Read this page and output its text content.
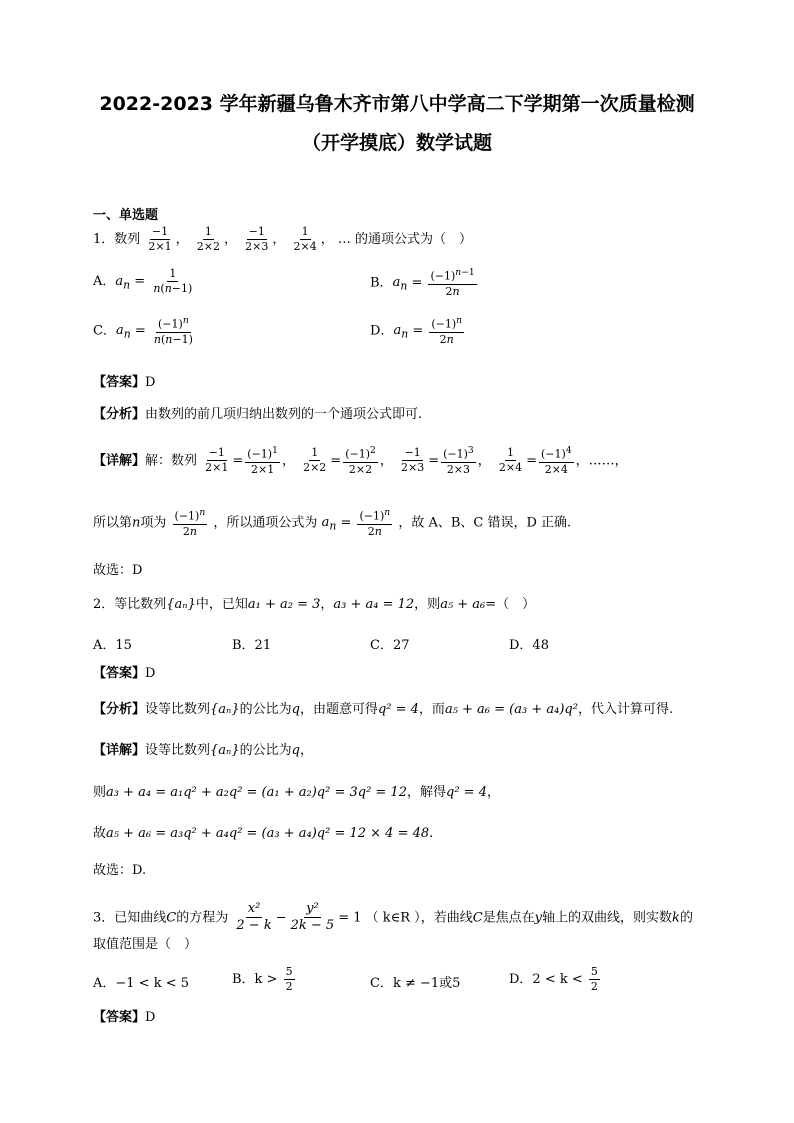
2022-2023 学年新疆乌鲁木齐市第八中学高二下学期第一次质量检测
（开学摸底）数学试题
一、单选题
1．数列 $\frac{-1}{2\times 1}$ ， $\frac{1}{2\times 2}$ ， $\frac{-1}{2\times 3}$ ， $\frac{1}{2\times 4}$ ， … 的通项公式为（　）
A．$a_n = \frac{1}{n(n-1)}$	B．$a_n = \frac{(-1)^{n-1}}{2n}$
C．$a_n = \frac{(-1)^n}{n(n-1)}$	D．$a_n = \frac{(-1)^n}{2n}$
【答案】D
【分析】由数列的前几项归纳出数列的一个通项公式即可.
【详解】解：数列 $\frac{-1}{2\times 1} = \frac{(-1)^1}{2\times 1}$ ， $\frac{1}{2\times 2} = \frac{(-1)^2}{2\times 2}$ ， $\frac{-1}{2\times 3} = \frac{(-1)^3}{2\times 3}$ ， $\frac{1}{2\times 4} = \frac{(-1)^4}{2\times 4}$ ，……，
所以第n项为 $\frac{(-1)^n}{2n}$ ，所以通项公式为 $a_n = \frac{(-1)^n}{2n}$ ，故 A、B、C 错误，D 正确.
故选：D
2．等比数列{aₙ}中，已知a₁ + a₂ = 3，a₃ + a₄ = 12，则a₅ + a₆=（　）
A．15	B．21	C．27	D．48
【答案】D
【分析】设等比数列{aₙ}的公比为q，由题意可得q² = 4，而a₅ + a₆ = (a₃ + a₄)q²，代入计算可得.
【详解】设等比数列{aₙ}的公比为q，
则a₃ + a₄ = a₁q² + a₂q² = (a₁ + a₂)q² = 3q² = 12，解得q² = 4，
故a₅ + a₆ = a₃q² + a₄q² = (a₃ + a₄)q² = 12 × 4 = 48.
故选：D.
3．已知曲线C的方程为 $\frac{\text{x²}}{2 - k} - \frac{\text{y²}}{2k - 5} = 1$ （ k∈R ），若曲线C是焦点在y轴上的双曲线，则实数k的
取值范围是（　）
A．−1 < k < 5	B．$k > \frac{5}{2}$	C．k ≠ −1或5	D．$2 < k < \frac{5}{2}$
【答案】D
